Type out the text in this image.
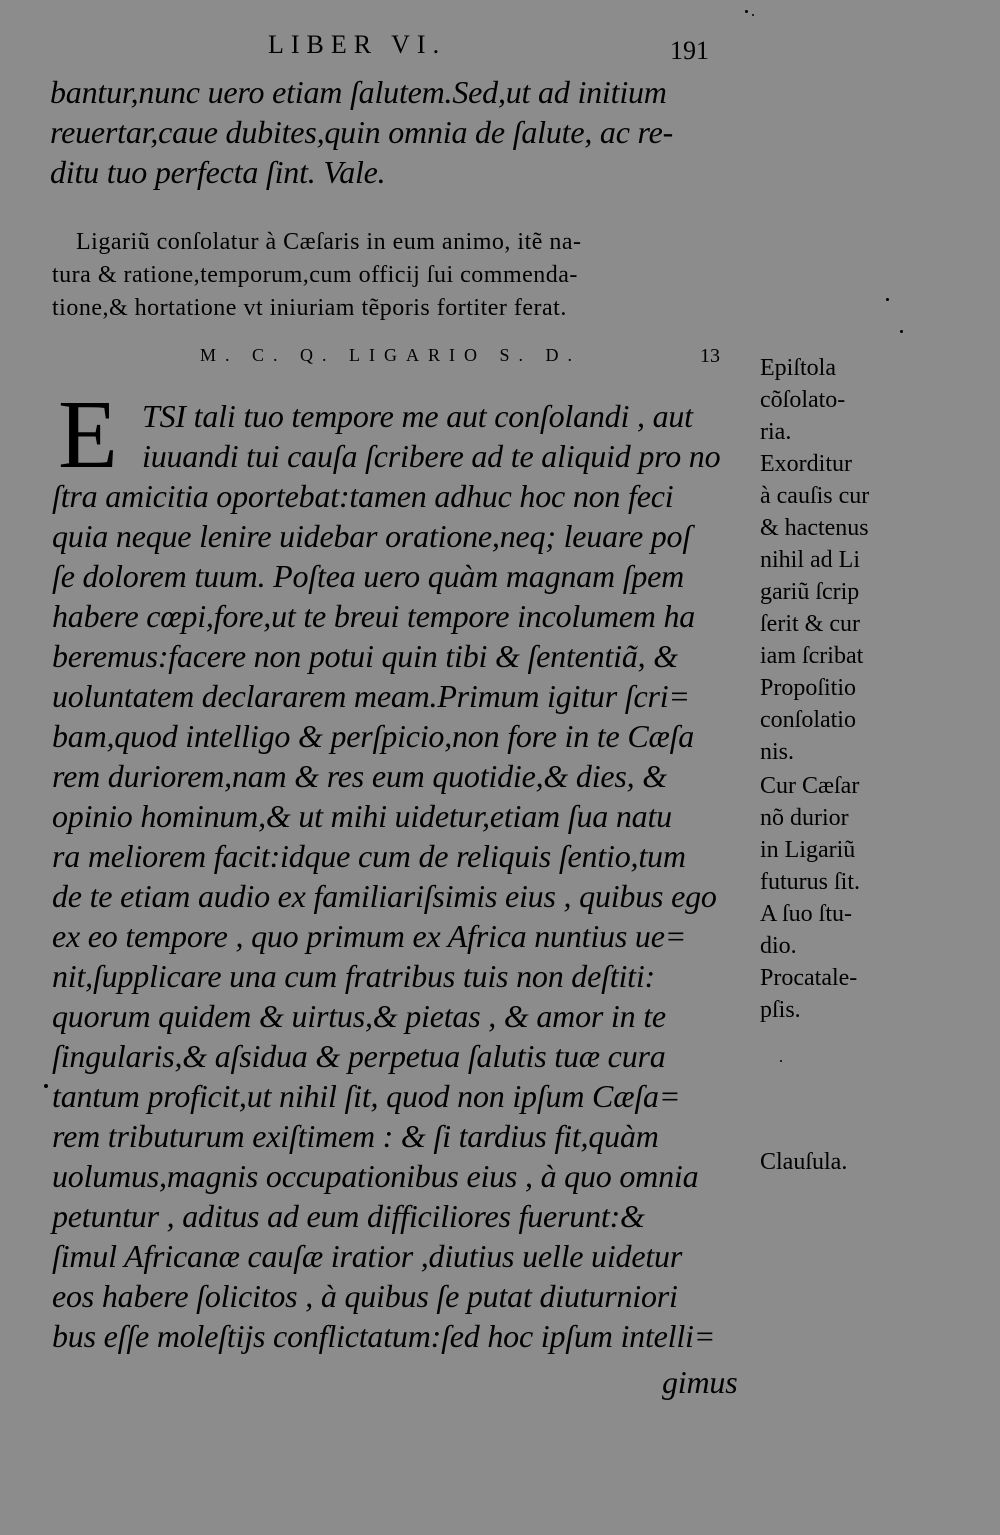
LIBER VI.	191
bantur,nunc uero etiam ſalutem.Sed,ut ad initium
reuertar,caue dubites,quin omnia de ſalute, ac re-
ditu tuo perfecta ſint. Vale.
Ligariũ conſolatur à Cæſaris in eum animo, itẽ na-
tura & ratione,temporum,cum officij ſui commenda-
tione,& hortatione vt iniuriam tẽporis fortiter ferat.
M. C. Q. LIGARIO S. D.	13
E TSI tali tuo tempore me aut conſolandi , aut
iuuandi tui cauſa ſcribere ad te aliquid pro no
ſtra amicitia oportebat:tamen adhuc hoc non feci
quia neque lenire uidebar oratione,neq; leuare poſ
ſe dolorem tuum. Poſtea uero quàm magnam ſpem
habere cœpi,fore,ut te breui tempore incolumem ha
beremus:facere non potui quin tibi & ſententiã, &
uoluntatem declararem meam.Primum igitur ſcri=
bam,quod intelligo & perſpicio,non fore in te Cæſa
rem duriorem,nam & res eum quotidie,& dies, &
opinio hominum,& ut mihi uidetur,etiam ſua natu
ra meliorem facit:idque cum de reliquis ſentio,tum
de te etiam audio ex familiariſsimis eius , quibus ego
ex eo tempore , quo primum ex Africa nuntius ue=
nit,ſupplicare una cum fratribus tuis non deſtiti:
quorum quidem & uirtus,& pietas , & amor in te
ſingularis,& aſsidua & perpetua ſalutis tuæ cura
tantum proficit,ut nihil ſit, quod non ipſum Cæſa=
rem tributurum exiſtimem : & ſi tardius fit,quàm
uolumus,magnis occupationibus eius , à quo omnia
petuntur , aditus ad eum difficiliores fuerunt:&
ſimul Africanæ cauſæ iratior ,diutius uelle uidetur
eos habere ſolicitos , à quibus ſe putat diuturniori
bus eſſe moleſtijs conflictatum:ſed hoc ipſum intelli=
gimus
Epiſtola
cõſolato-
ria.
Exorditur
à cauſis cur
& hactenus
nihil ad Li
gariũ ſcrip
ſerit & cur
iam ſcribat
Propoſitio
conſolatio
nis.
Cur Cæſar
nõ durior
in Ligariũ
futurus ſit.
A ſuo ſtu-
dio.
Procatale-
pſis.
Clauſula.
